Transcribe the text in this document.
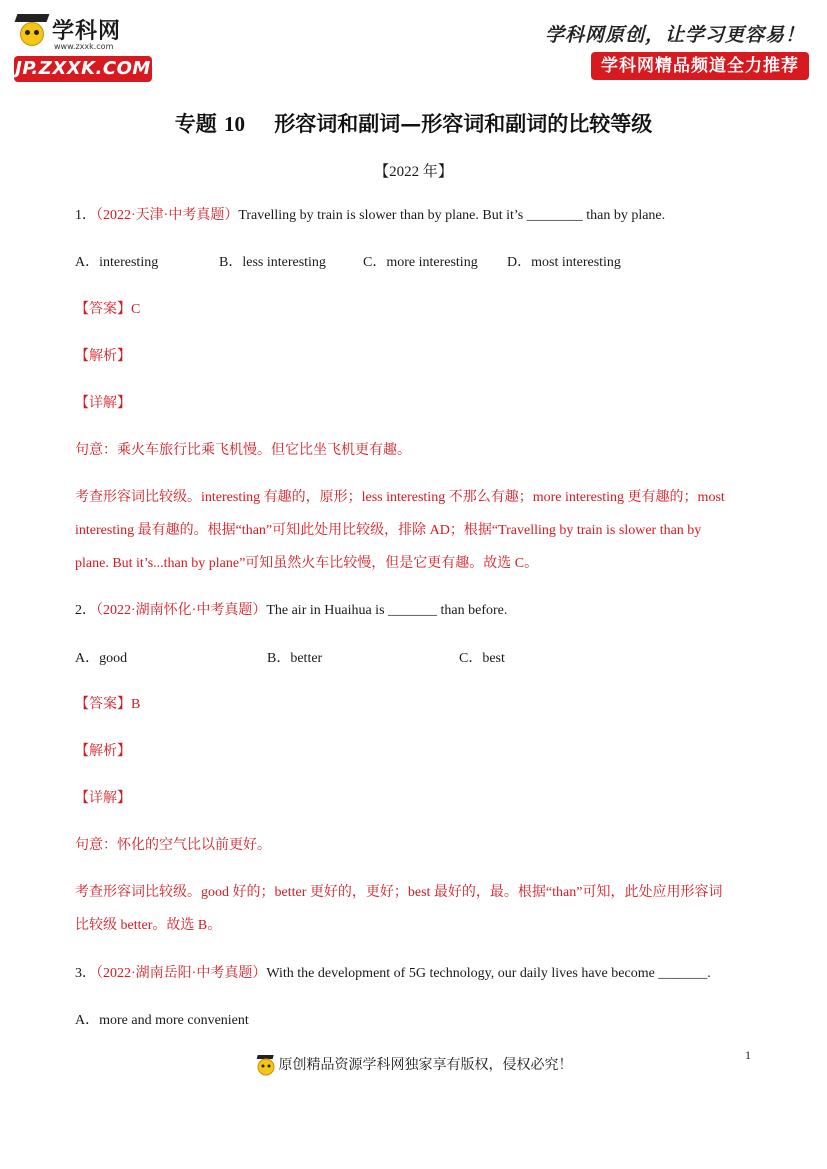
学科网
www.zxxk.com
JP.ZXXK.COM
学科网原创，让学习更容易！
学科网精品频道全力推荐
专题 10 形容词和副词—形容词和副词的比较等级
【2022 年】
1．（2022·天津·中考真题）Travelling by train is slower than by plane. But it’s ________ than by plane.
A．interesting	B．less interesting	C．more interesting D．most interesting
【答案】C
【解析】
【详解】
句意：乘火车旅行比乘飞机慢。但它比坐飞机更有趣。
考查形容词比较级。interesting 有趣的，原形；less interesting 不那么有趣；more interesting 更有趣的；most
interesting 最有趣的。根据“than”可知此处用比较级，排除 AD；根据“Travelling by train is slower than by
plane. But it’s...than by plane”可知虽然火车比较慢，但是它更有趣。故选 C。
2．（2022·湖南怀化·中考真题）The air in Huaihua is _______ than before.
A．good	B．better	C．best
【答案】B
【解析】
【详解】
句意：怀化的空气比以前更好。
考查形容词比较级。good 好的；better 更好的，更好；best 最好的，最。根据“than”可知，此处应用形容词
比较级 better。故选 B。
3．（2022·湖南岳阳·中考真题）With the development of 5G technology, our daily lives have become _______.
A．more and more convenient
1
原创精品资源学科网独家享有版权，侵权必究！
